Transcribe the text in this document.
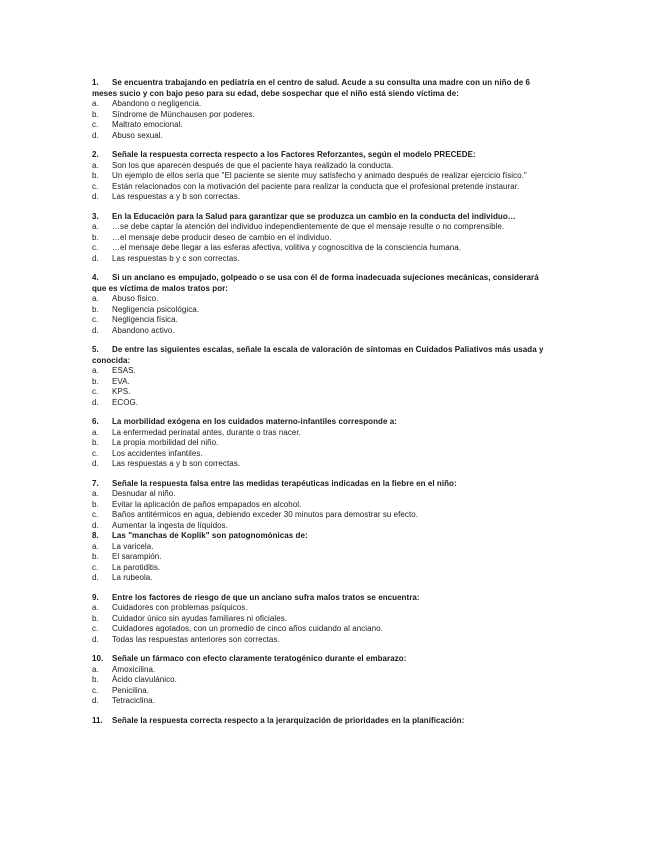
1. Se encuentra trabajando en pediatría en el centro de salud. Acude a su consulta una madre con un niño de 6 meses sucio y con bajo peso para su edad, debe sospechar que el niño está siendo víctima de:
a. Abandono o negligencia.
b. Síndrome de Münchausen por poderes.
c. Maltrato emocional.
d. Abuso sexual.
2. Señale la respuesta correcta respecto a los Factores Reforzantes, según el modelo PRECEDE:
a. Son los que aparecen después de que el paciente haya realizado la conducta.
b. Un ejemplo de ellos sería que "El paciente se siente muy satisfecho y animado después de realizar ejercicio físico."
c. Están relacionados con la motivación del paciente para realizar la conducta que el profesional pretende instaurar.
d. Las respuestas a y b son correctas.
3. En la Educación para la Salud para garantizar que se produzca un cambio en la conducta del individuo…
a. …se debe captar la atención del individuo independientemente de que el mensaje resulte o no comprensible.
b. …el mensaje debe producir deseo de cambio en el individuo.
c. …el mensaje debe llegar a las esferas afectiva, volitiva y cognoscitiva de la consciencia humana.
d. Las respuestas b y c son correctas.
4. Si un anciano es empujado, golpeado o se usa con él de forma inadecuada sujeciones mecánicas, considerará que es víctima de malos tratos por:
a. Abuso físico.
b. Negligencia psicológica.
c. Negligencia física.
d. Abandono activo.
5. De entre las siguientes escalas, señale la escala de valoración de síntomas en Cuidados Paliativos más usada y conocida:
a. ESAS.
b. EVA.
c. KPS.
d. ECOG.
6. La morbilidad exógena en los cuidados materno-infantiles corresponde a:
a. La enfermedad perinatal antes, durante o tras nacer.
b. La propia morbilidad del niño.
c. Los accidentes infantiles.
d. Las respuestas a y b son correctas.
7. Señale la respuesta falsa entre las medidas terapéuticas indicadas en la fiebre en el niño:
a. Desnudar al niño.
b. Evitar la aplicación de paños empapados en alcohol.
c. Baños antitérmicos en agua, debiendo exceder 30 minutos para demostrar su efecto.
d. Aumentar la ingesta de líquidos.
8. Las "manchas de Koplik" son patognomónicas de:
a. La varicela.
b. El sarampión.
c. La parotiditis.
d. La rubeola.
9. Entre los factores de riesgo de que un anciano sufra malos tratos se encuentra:
a. Cuidadores con problemas psíquicos.
b. Cuidador único sin ayudas familiares ni oficiales.
c. Cuidadores agotados, con un promedio de cinco años cuidando al anciano.
d. Todas las respuestas anteriores son correctas.
10. Señale un fármaco con efecto claramente teratogénico durante el embarazo:
a. Amoxicilina.
b. Ácido clavulánico.
c. Penicilina.
d. Tetraciclina.
11. Señale la respuesta correcta respecto a la jerarquización de prioridades en la planificación:
